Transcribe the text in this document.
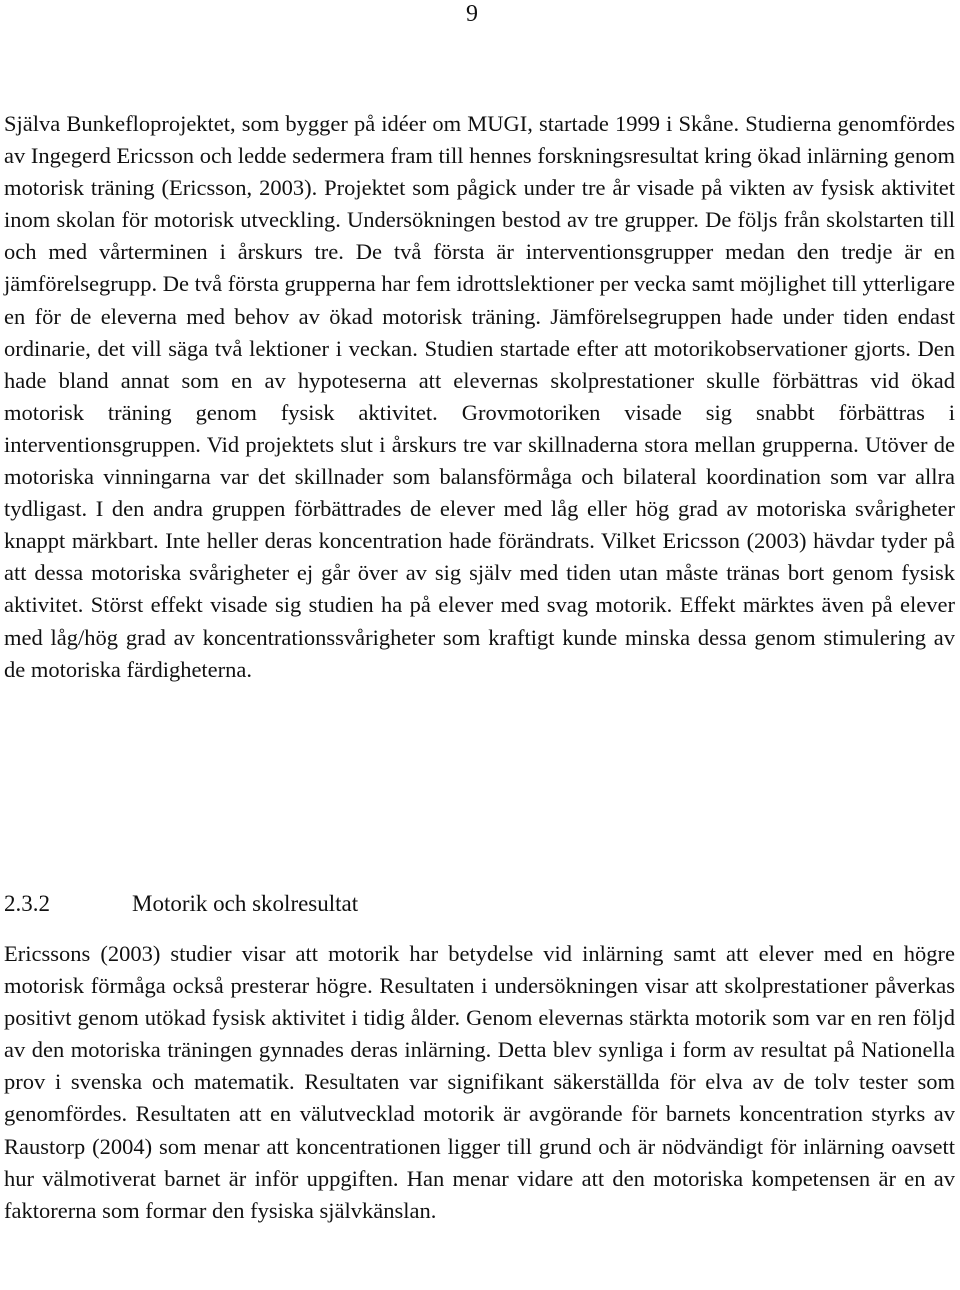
9

Själva Bunkefloprojektet, som bygger på idéer om MUGI, startade 1999 i Skåne. Studierna genomfördes av Ingegerd Ericsson och ledde sedermera fram till hennes forskningsresultat kring ökad inlärning genom motorisk träning (Ericsson, 2003). Projektet som pågick under tre år visade på vikten av fysisk aktivitet inom skolan för motorisk utveckling. Undersökningen bestod av tre grupper. De följs från skolstarten till och med vårterminen i årskurs tre. De två första är interventionsgrupper medan den tredje är en jämförelsegrupp. De två första grupperna har fem idrottslektioner per vecka samt möjlighet till ytterligare en för de eleverna med behov av ökad motorisk träning. Jämförelsegruppen hade under tiden endast ordinarie, det vill säga två lektioner i veckan. Studien startade efter att motorikobservationer gjorts. Den hade bland annat som en av hypoteserna att elevernas skolprestationer skulle förbättras vid ökad motorisk träning genom fysisk aktivitet. Grovmotoriken visade sig snabbt förbättras i interventionsgruppen. Vid projektets slut i årskurs tre var skillnaderna stora mellan grupperna. Utöver de motoriska vinningarna var det skillnader som balansförmåga och bilateral koordination som var allra tydligast. I den andra gruppen förbättrades de elever med låg eller hög grad av motoriska svårigheter knappt märkbart. Inte heller deras koncentration hade förändrats. Vilket Ericsson (2003) hävdar tyder på att dessa motoriska svårigheter ej går över av sig själv med tiden utan måste tränas bort genom fysisk aktivitet. Störst effekt visade sig studien ha på elever med svag motorik. Effekt märktes även på elever med låg/hög grad av koncentrationssvårigheter som kraftigt kunde minska dessa genom stimulering av de motoriska färdigheterna.

2.3.2	Motorik och skolresultat

Ericssons (2003) studier visar att motorik har betydelse vid inlärning samt att elever med en högre motorisk förmåga också presterar högre. Resultaten i undersökningen visar att skolprestationer påverkas positivt genom utökad fysisk aktivitet i tidig ålder. Genom elevernas stärkta motorik som var en ren följd av den motoriska träningen gynnades deras inlärning. Detta blev synliga i form av resultat på Nationella prov i svenska och matematik. Resultaten var signifikant säkerställda för elva av de tolv tester som genomfördes. Resultaten att en välutvecklad motorik är avgörande för barnets koncentration styrks av Raustorp (2004) som menar att koncentrationen ligger till grund och är nödvändigt för inlärning oavsett hur välmotiverat barnet är inför uppgiften. Han menar vidare att den motoriska kompetensen är en av faktorerna som formar den fysiska självkänslan.
